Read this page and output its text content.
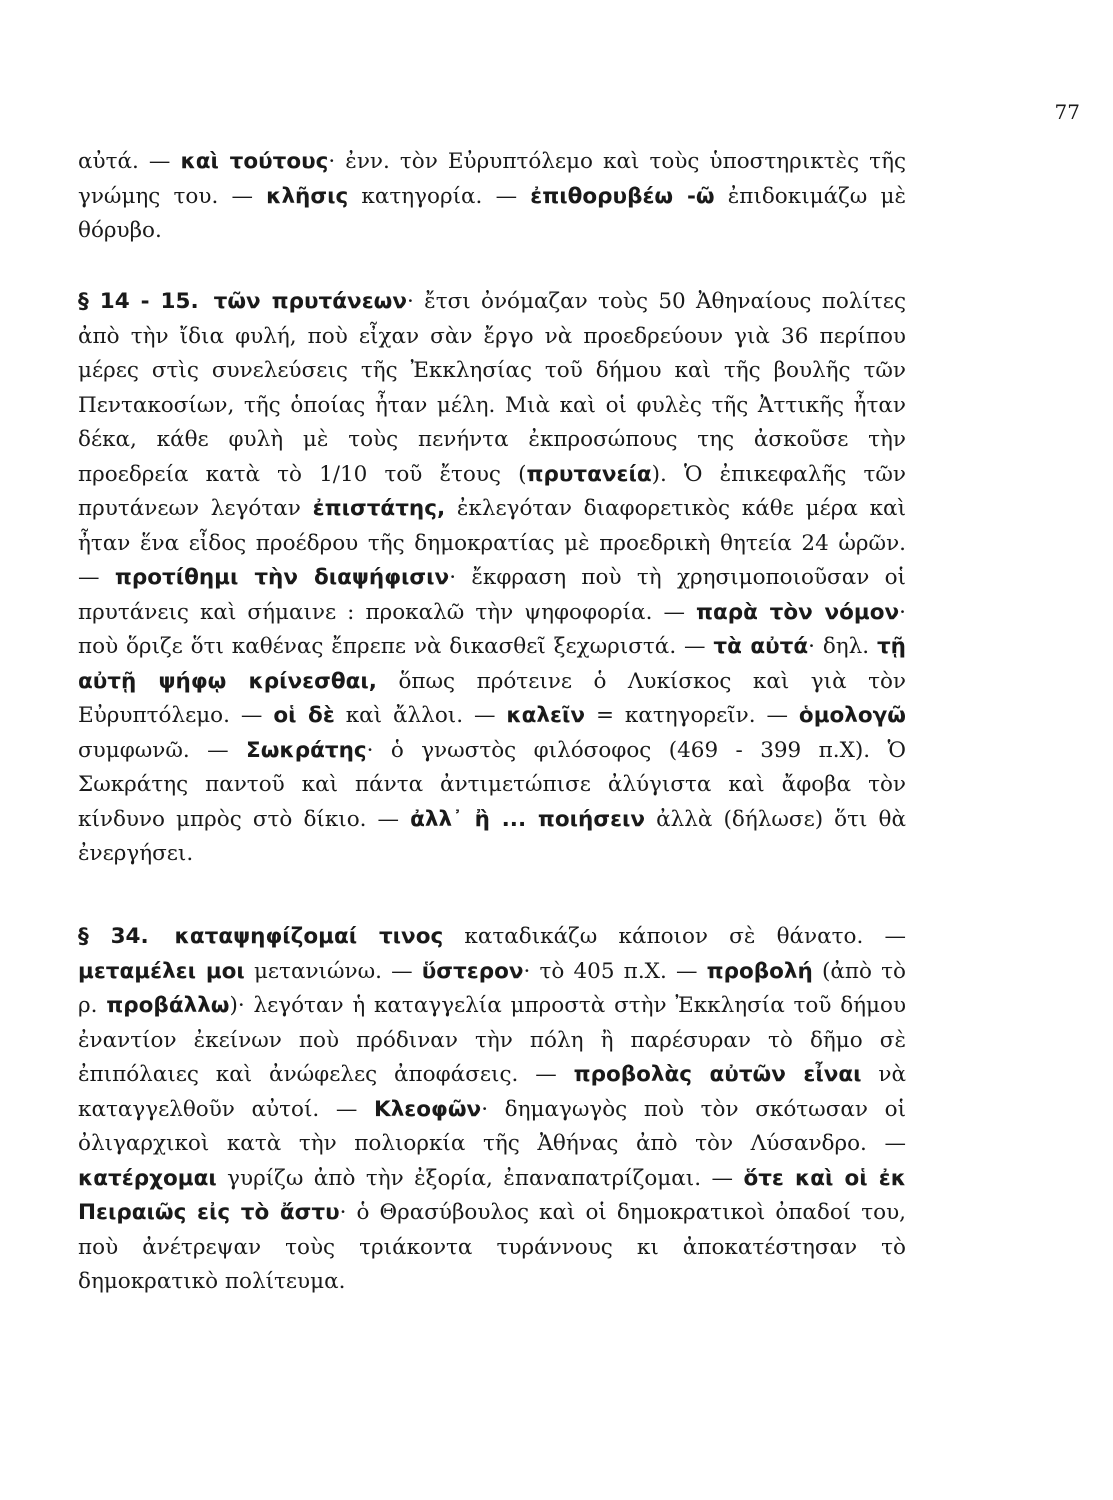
77

αὐτά. — καὶ τούτους· ἐνν. τὸν Εὐρυπτόλεμο καὶ τοὺς ὑποστηρικτὲς τῆς γνώμης του. — κλῆσις κατηγορία. — ἐπιθορυβέω -ῶ ἐπιδοκιμάζω μὲ θόρυβο.

§ 14 - 15. τῶν πρυτάνεων· ἔτσι ὀνόμαζαν τοὺς 50 Ἀθηναίους πολίτες ἀπὸ τὴν ἴδια φυλή, ποὺ εἶχαν σὰν ἔργο νὰ προεδρεύουν γιὰ 36 περίπου μέρες στὶς συνελεύσεις τῆς Ἐκκλησίας τοῦ δήμου καὶ τῆς βουλῆς τῶν Πεντακοσίων, τῆς ὁποίας ἦταν μέλη. Μιὰ καὶ οἱ φυλὲς τῆς Ἀττικῆς ἦταν δέκα, κάθε φυλὴ μὲ τοὺς πενήντα ἐκπροσώπους της ἀσκοῦσε τὴν προεδρεία κατὰ τὸ 1/10 τοῦ ἔτους (πρυτανεία). Ὁ ἐπικεφαλῆς τῶν πρυτάνεων λεγόταν ἐπιστάτης, ἐκλεγόταν διαφορετικὸς κάθε μέρα καὶ ἦταν ἕνα εἶδος προέδρου τῆς δημοκρατίας μὲ προεδρικὴ θητεία 24 ὡρῶν. — προτίθημι τὴν διαψήφισιν· ἔκφραση ποὺ τὴ χρησιμοποιοῦσαν οἱ πρυτάνεις καὶ σήμαινε : προκαλῶ τὴν ψηφοφορία. — παρὰ τὸν νόμον· ποὺ ὅριζε ὅτι καθένας ἔπρεπε νὰ δικασθεῖ ξεχωριστά. — τὰ αὐτά· δηλ. τῇ αὐτῇ ψήφῳ κρίνεσθαι, ὅπως πρότεινε ὁ Λυκίσκος καὶ γιὰ τὸν Εὐρυπτόλεμο. — οἱ δὲ καὶ ἄλλοι. — καλεῖν = κατηγορεῖν. — ὁμολογῶ συμφωνῶ. — Σωκράτης· ὁ γνωστὸς φιλόσοφος (469 - 399 π.Χ). Ὁ Σωκράτης παντοῦ καὶ πάντα ἀντιμετώπισε ἀλύγιστα καὶ ἄφοβα τὸν κίνδυνο μπρὸς στὸ δίκιο. — ἀλλ᾽ ἢ ... ποιήσειν ἀλλὰ (δήλωσε) ὅτι θὰ ἐνεργήσει.

§ 34. καταψηφίζομαί τινος καταδικάζω κάποιον σὲ θάνατο. — μεταμέλει μοι μετανιώνω. — ὕστερον· τὸ 405 π.Χ. — προβολή (ἀπὸ τὸ ρ. προβάλλω)· λεγόταν ἡ καταγγελία μπροστὰ στὴν Ἐκκλησία τοῦ δήμου ἐναντίον ἐκείνων ποὺ πρόδιναν τὴν πόλη ἢ παρέσυραν τὸ δῆμο σὲ ἐπιπόλαιες καὶ ἀνώφελες ἀποφάσεις. — προβολὰς αὐτῶν εἶναι νὰ καταγγελθοῦν αὐτοί. — Κλεοφῶν· δημαγωγὸς ποὺ τὸν σκότωσαν οἱ ὀλιγαρχικοὶ κατὰ τὴν πολιορκία τῆς Ἀθήνας ἀπὸ τὸν Λύσανδρο. — κατέρχομαι γυρίζω ἀπὸ τὴν ἐξορία, ἐπαναπατρίζομαι. — ὅτε καὶ οἱ ἐκ Πειραιῶς εἰς τὸ ἄστυ· ὁ Θρασύβουλος καὶ οἱ δημοκρατικοὶ ὀπαδοί του, ποὺ ἀνέτρεψαν τοὺς τριάκοντα τυράννους κι ἀποκατέστησαν τὸ δημοκρατικὸ πολίτευμα.
